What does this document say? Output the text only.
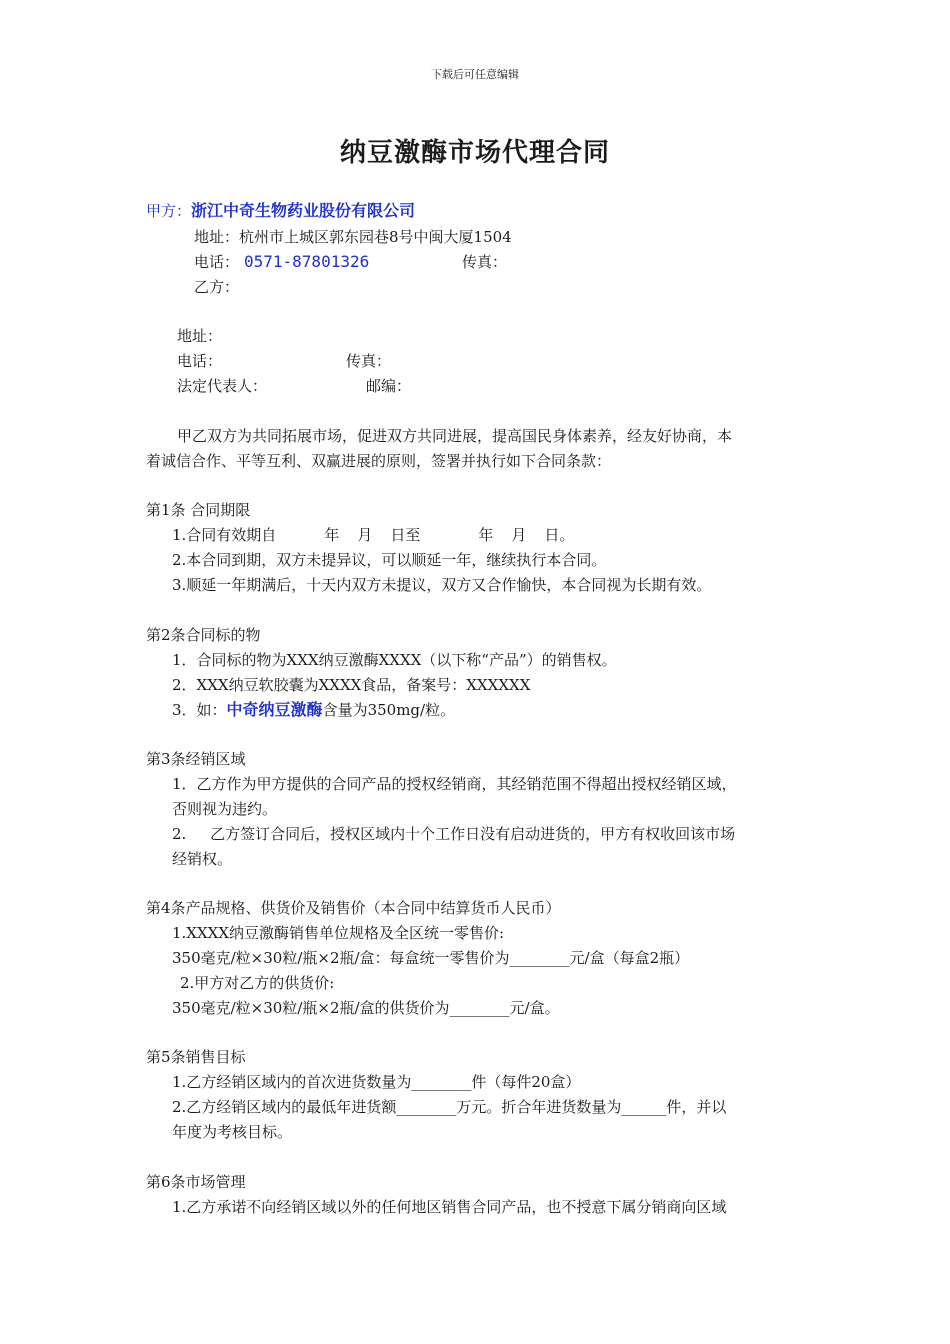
下载后可任意编辑
纳豆激酶市场代理合同
甲方：浙江中奇生物药业股份有限公司
地址：杭州市上城区郭东园巷8号中闽大厦1504
电话： 0571-87801326	传真：
乙方：
地址：
电话：	传真：
法定代表人：	邮编：
甲乙双方为共同拓展市场，促进双方共同进展，提高国民身体素养，经友好协商，本
着诚信合作、平等互利、双赢进展的原则，签署并执行如下合同条款：
第1条 合同期限
1.合同有效期自	年 月 日至	年 月 日。
2.本合同到期，双方未提异议，可以顺延一年，继续执行本合同。
3.顺延一年期满后，十天内双方未提议，双方又合作愉快，本合同视为长期有效。
第2条合同标的物
1．合同标的物为XXX纳豆激酶XXXX（以下称“产品”）的销售权。
2．XXX纳豆软胶囊为XXXX食品，备案号：XXXXXX
3．如：中奇纳豆激酶含量为350mg/粒。
第3条经销区域
1．乙方作为甲方提供的合同产品的授权经销商，其经销范围不得超出授权经销区域，
否则视为违约。
2.     乙方签订合同后，授权区域内十个工作日没有启动进货的，甲方有权收回该市场
经销权。
第4条产品规格、供货价及销售价（本合同中结算货币人民币）
1.XXXX纳豆激酶销售单位规格及全区统一零售价:
350毫克/粒×30粒/瓶×2瓶/盒：每盒统一零售价为________元/盒（每盒2瓶）
2.甲方对乙方的供货价:
350毫克/粒×30粒/瓶×2瓶/盒的供货价为________元/盒。
第5条销售目标
1.乙方经销区域内的首次进货数量为________件（每件20盒）
2.乙方经销区域内的最低年进货额________万元。折合年进货数量为______件，并以
年度为考核目标。
第6条市场管理
1.乙方承诺不向经销区域以外的任何地区销售合同产品，也不授意下属分销商向区域
